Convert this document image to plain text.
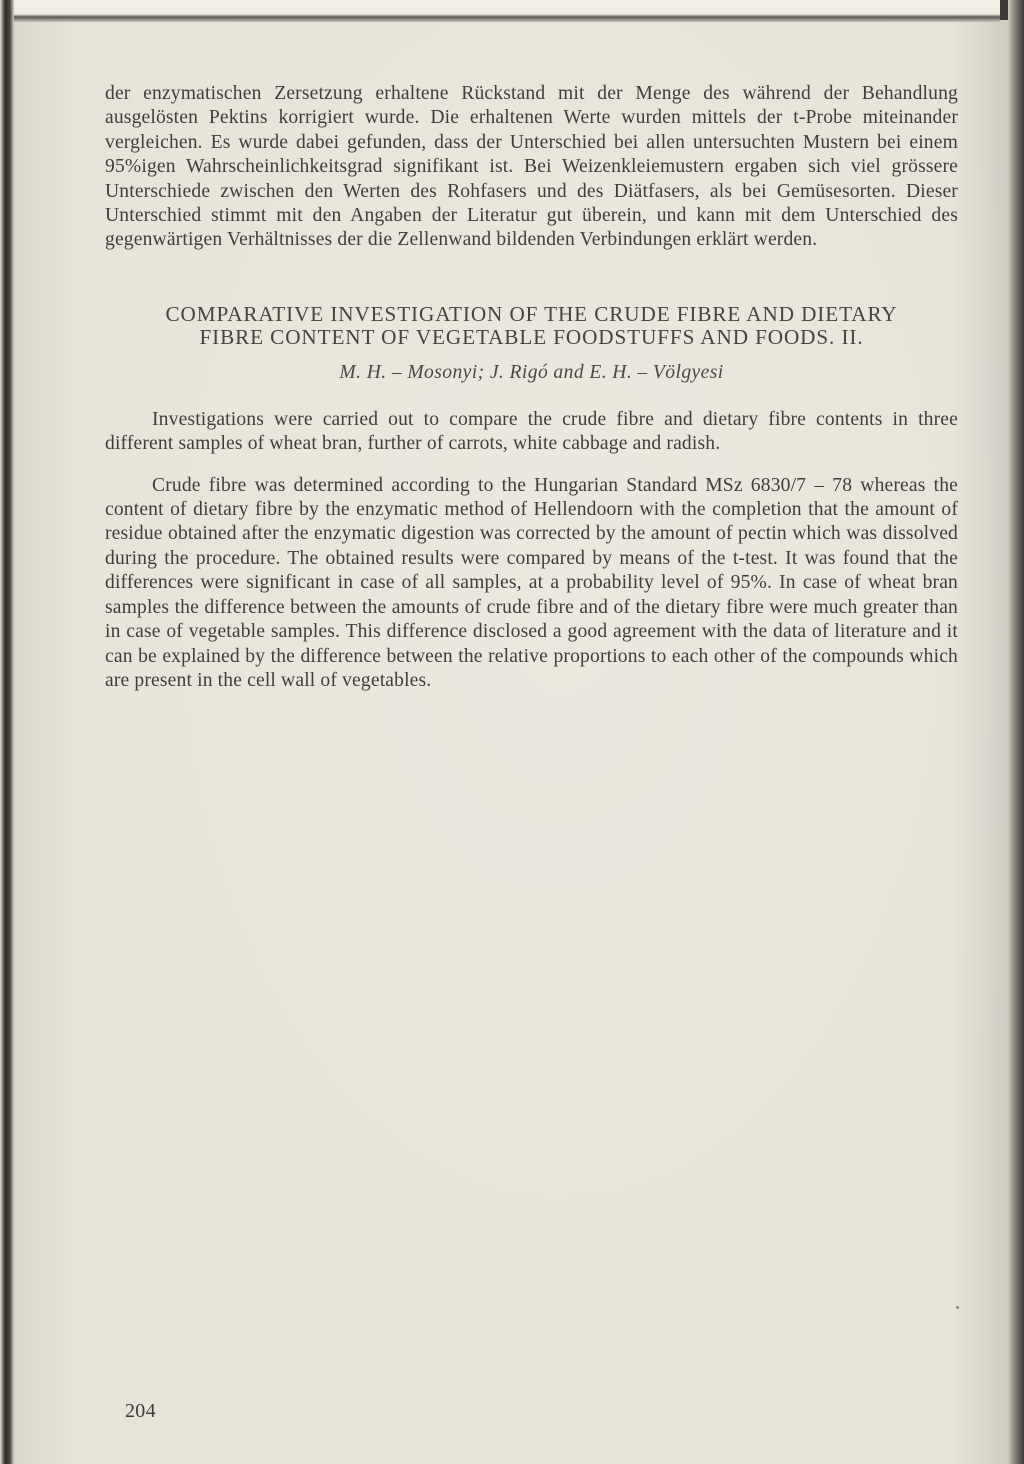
der enzymatischen Zersetzung erhaltene Rückstand mit der Menge des während der Behandlung ausgelösten Pektins korrigiert wurde. Die erhaltenen Werte wurden mittels der t-Probe miteinander vergleichen. Es wurde dabei gefunden, dass der Unterschied bei allen untersuchten Mustern bei einem 95%igen Wahrscheinlichkeitsgrad signifikant ist. Bei Weizenkleiemustern ergaben sich viel grössere Unterschiede zwischen den Werten des Rohfasers und des Diätfasers, als bei Gemüsesorten. Dieser Unterschied stimmt mit den Angaben der Literatur gut überein, und kann mit dem Unterschied des gegenwärtigen Verhältnisses der die Zellenwand bildenden Verbindungen erklärt werden.

COMPARATIVE INVESTIGATION OF THE CRUDE FIBRE AND DIETARY
FIBRE CONTENT OF VEGETABLE FOODSTUFFS AND FOODS. II.
M. H. – Mosonyi; J. Rigó and E. H. – Völgyesi

Investigations were carried out to compare the crude fibre and dietary fibre contents in three different samples of wheat bran, further of carrots, white cabbage and radish.

Crude fibre was determined according to the Hungarian Standard MSz 6830/7 – 78 whereas the content of dietary fibre by the enzymatic method of Hellendoorn with the completion that the amount of residue obtained after the enzymatic digestion was corrected by the amount of pectin which was dissolved during the procedure. The obtained results were compared by means of the t-test. It was found that the differences were significant in case of all samples, at a probability level of 95%. In case of wheat bran samples the difference between the amounts of crude fibre and of the dietary fibre were much greater than in case of vegetable samples. This difference disclosed a good agreement with the data of literature and it can be explained by the difference between the relative proportions to each other of the compounds which are present in the cell wall of vegetables.

204
